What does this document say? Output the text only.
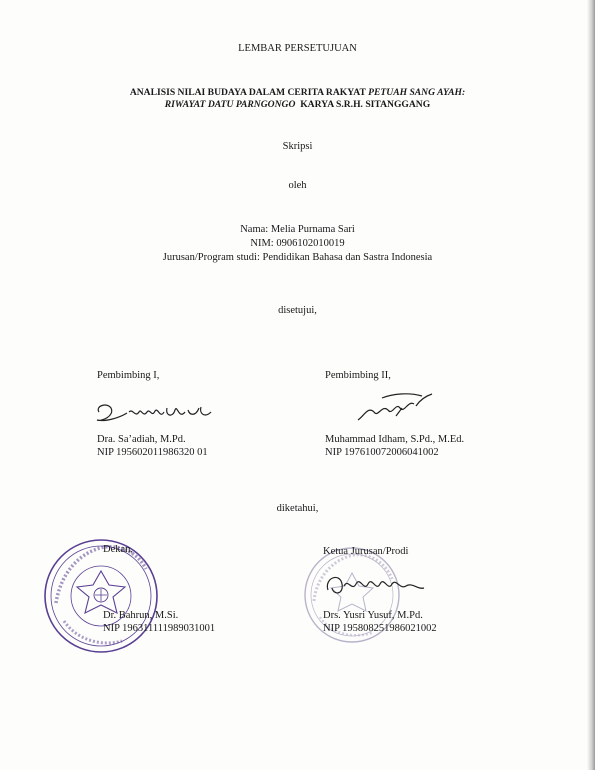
LEMBAR PERSETUJUAN
ANALISIS NILAI BUDAYA DALAM CERITA RAKYAT PETUAH SANG AYAH:
RIWAYAT DATU PARNGONGO  KARYA S.R.H. SITANGGANG
Skripsi
oleh
Nama: Melia Purnama Sari
NIM: 0906102010019
Jurusan/Program studi: Pendidikan Bahasa dan Sastra Indonesia
disetujui,
Pembimbing I,	Pembimbing II,
Dra. Sa’adiah, M.Pd.
NIP 195602011986320 01
Muhammad Idham, S.Pd., M.Ed.
NIP 197610072006041002
diketahui,
Dekan,	Ketua Jurusan/Prodi
Dr. Bahrun, M.Si.
NIP 196311111989031001
Drs. Yusri Yusuf, M.Pd.
NIP 195808251986021002
